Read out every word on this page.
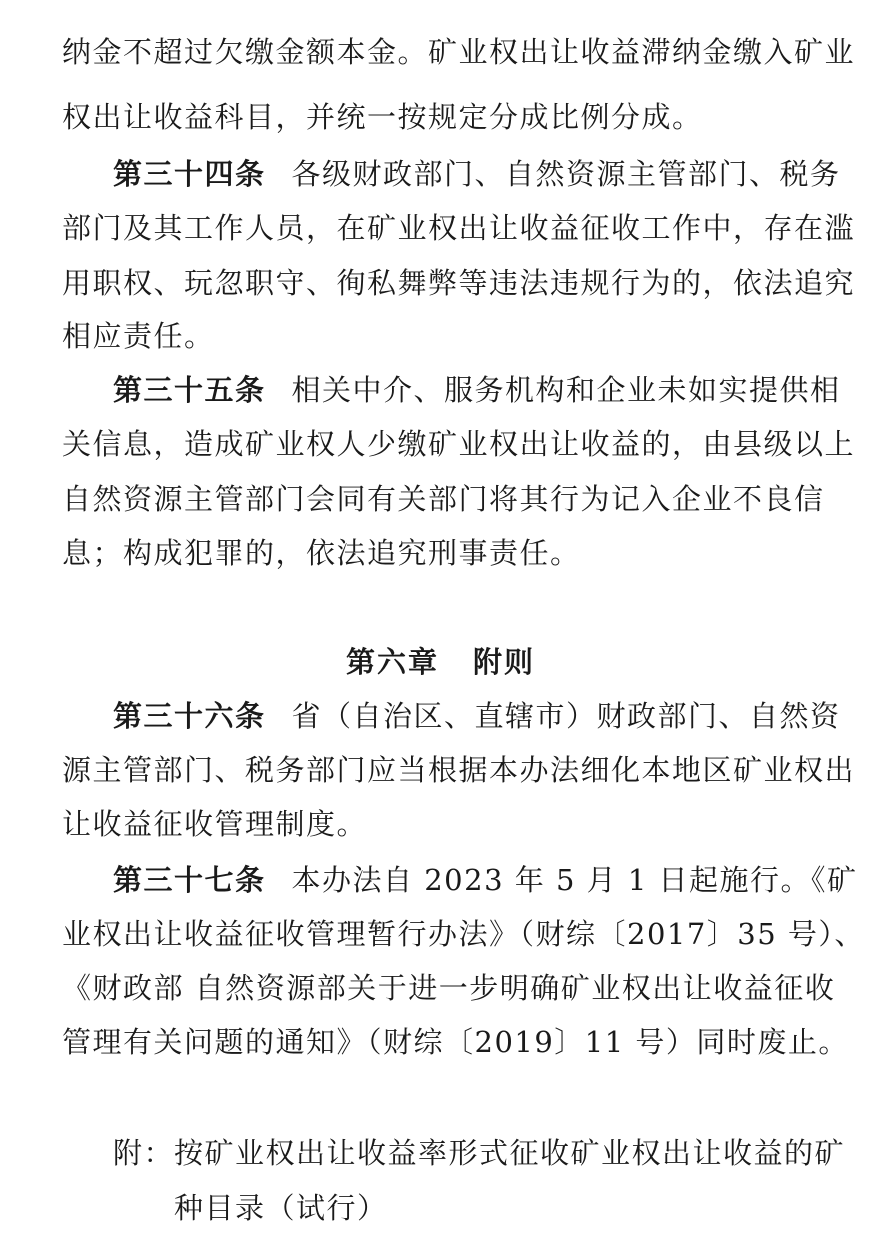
纳金不超过欠缴金额本金。矿业权出让收益滞纳金缴入矿业
权出让收益科目，并统一按规定分成比例分成。
第三十四条 各级财政部门、自然资源主管部门、税务
部门及其工作人员，在矿业权出让收益征收工作中，存在滥
用职权、玩忽职守、徇私舞弊等违法违规行为的，依法追究
相应责任。
第三十五条 相关中介、服务机构和企业未如实提供相
关信息，造成矿业权人少缴矿业权出让收益的，由县级以上
自然资源主管部门会同有关部门将其行为记入企业不良信
息；构成犯罪的，依法追究刑事责任。
第六章 附则
第三十六条 省（自治区、直辖市）财政部门、自然资
源主管部门、税务部门应当根据本办法细化本地区矿业权出
让收益征收管理制度。
第三十七条 本办法自 2023 年 5 月 1 日起施行。《矿
业权出让收益征收管理暂行办法》（财综〔2017〕35 号）、
《财政部 自然资源部关于进一步明确矿业权出让收益征收
管理有关问题的通知》（财综〔2019〕11 号）同时废止。
附：按矿业权出让收益率形式征收矿业权出让收益的矿
种目录（试行）
